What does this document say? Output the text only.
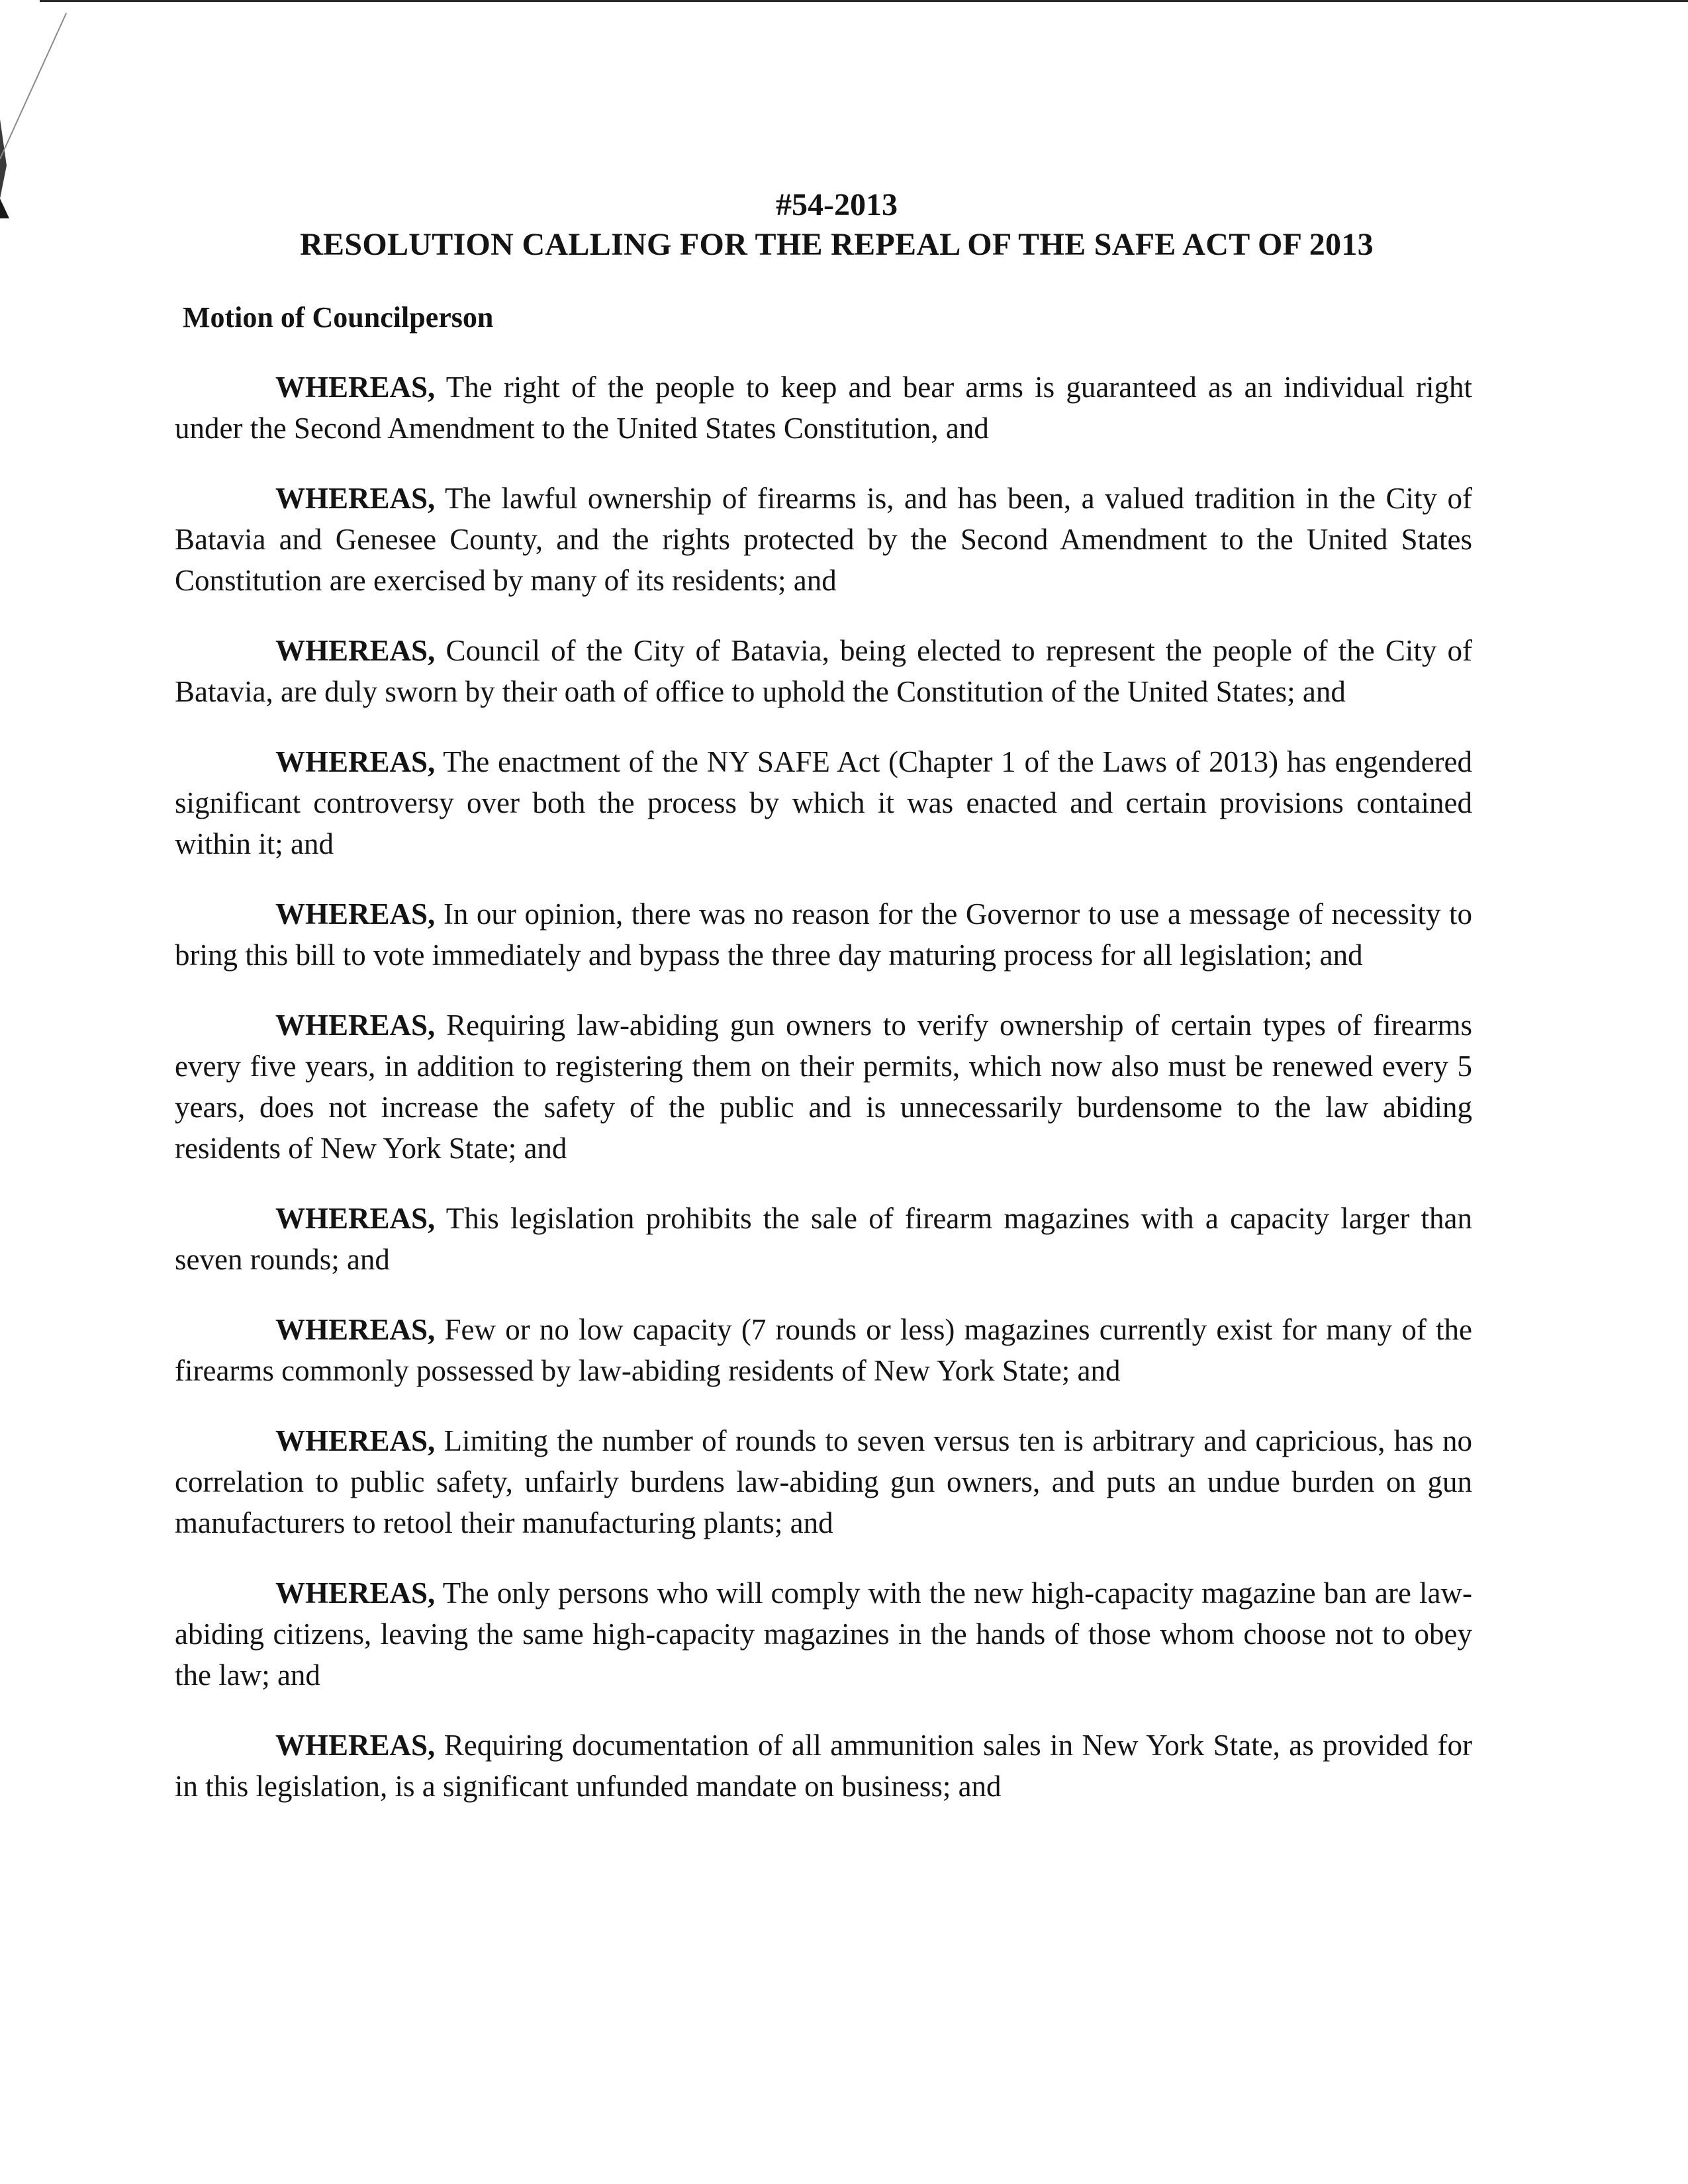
#54-2013

RESOLUTION CALLING FOR THE REPEAL OF THE SAFE ACT OF 2013

Motion of Councilperson

WHEREAS, The right of the people to keep and bear arms is guaranteed as an individual right under the Second Amendment to the United States Constitution, and

WHEREAS, The lawful ownership of firearms is, and has been, a valued tradition in the City of Batavia and Genesee County, and the rights protected by the Second Amendment to the United States Constitution are exercised by many of its residents; and

WHEREAS, Council of the City of Batavia, being elected to represent the people of the City of Batavia, are duly sworn by their oath of office to uphold the Constitution of the United States; and

WHEREAS, The enactment of the NY SAFE Act (Chapter 1 of the Laws of 2013) has engendered significant controversy over both the process by which it was enacted and certain provisions contained within it; and

WHEREAS, In our opinion, there was no reason for the Governor to use a message of necessity to bring this bill to vote immediately and bypass the three day maturing process for all legislation; and

WHEREAS, Requiring law-abiding gun owners to verify ownership of certain types of firearms every five years, in addition to registering them on their permits, which now also must be renewed every 5 years, does not increase the safety of the public and is unnecessarily burdensome to the law abiding residents of New York State; and

WHEREAS, This legislation prohibits the sale of firearm magazines with a capacity larger than seven rounds; and

WHEREAS, Few or no low capacity (7 rounds or less) magazines currently exist for many of the firearms commonly possessed by law-abiding residents of New York State; and

WHEREAS, Limiting the number of rounds to seven versus ten is arbitrary and capricious, has no correlation to public safety, unfairly burdens law-abiding gun owners, and puts an undue burden on gun manufacturers to retool their manufacturing plants; and

WHEREAS, The only persons who will comply with the new high-capacity magazine ban are law-abiding citizens, leaving the same high-capacity magazines in the hands of those whom choose not to obey the law; and

WHEREAS, Requiring documentation of all ammunition sales in New York State, as provided for in this legislation, is a significant unfunded mandate on business; and
